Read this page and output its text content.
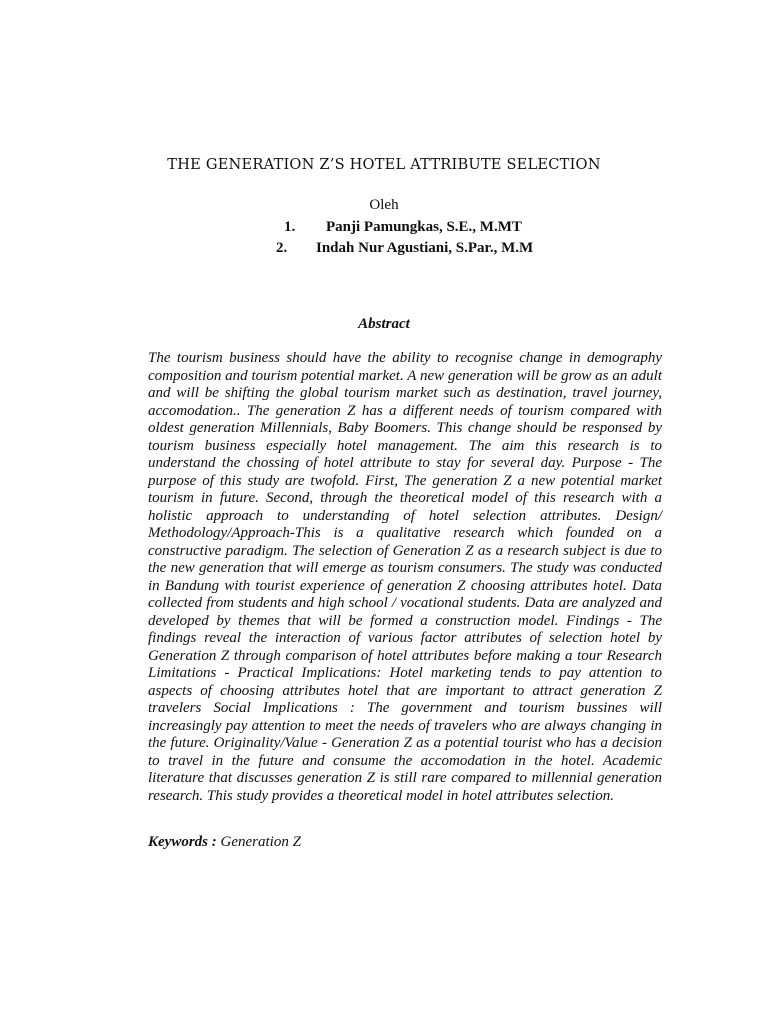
THE GENERATION Z’S HOTEL ATTRIBUTE SELECTION
Oleh
1.	Panji Pamungkas, S.E., M.MT
2.	Indah Nur Agustiani, S.Par., M.M
Abstract

The tourism business should have the ability to recognise change in demography composition and tourism potential market. A new generation will be grow as an adult and will be shifting the global tourism market such as destination, travel journey, accomodation.. The generation Z has a different needs of tourism compared with oldest generation Millennials, Baby Boomers. This change should be responsed by tourism business especially hotel management. The aim this research is to understand the chossing of hotel attribute to stay for several day. Purpose - The purpose of this study are twofold. First, The generation Z a new potential market tourism in future. Second, through the theoretical model of this research with a holistic approach to understanding of hotel selection attributes. Design/ Methodology/Approach-This is a qualitative research which founded on a constructive paradigm. The selection of Generation Z as a research subject is due to the new generation that will emerge as tourism consumers. The study was conducted in Bandung with tourist experience of generation Z choosing attributes hotel. Data collected from students and high school / vocational students. Data are analyzed and developed by themes that will be formed a construction model. Findings - The findings reveal the interaction of various factor attributes of selection hotel by Generation Z through comparison of hotel attributes before making a tour Research Limitations - Practical Implications: Hotel marketing tends to pay attention to aspects of choosing attributes hotel that are important to attract generation Z travelers Social Implications : The government and tourism bussines will increasingly pay attention to meet the needs of travelers who are always changing in the future. Originality/Value - Generation Z as a potential tourist who has a decision to travel in the future and consume the accomodation in the hotel. Academic literature that discusses generation Z is still rare compared to millennial generation research. This study provides a theoretical model in hotel attributes selection.

Keywords : Generation Z
